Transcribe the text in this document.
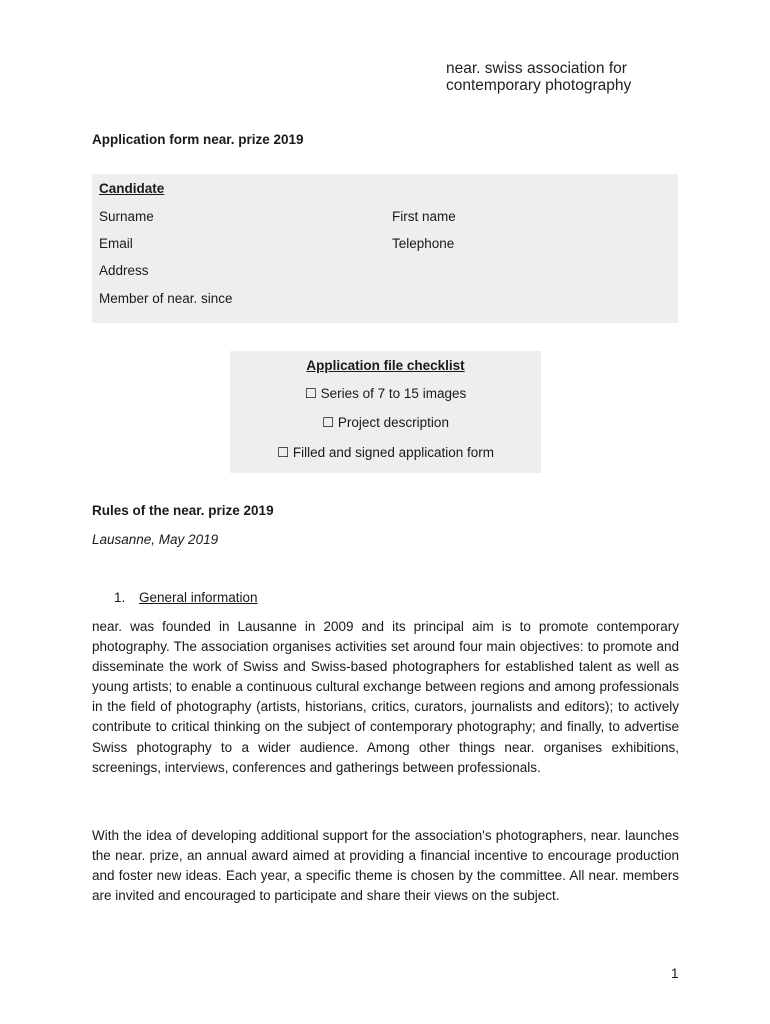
near. swiss association for
contemporary photography
Application form near. prize 2019
Candidate
Surname	First name
Email	Telephone
Address
Member of near. since
Application file checklist
☐ Series of 7 to 15 images
☐ Project description
☐ Filled and signed application form
Rules of the near. prize 2019
Lausanne, May 2019
1. General information

near. was founded in Lausanne in 2009 and its principal aim is to promote contemporary photography. The association organises activities set around four main objectives: to promote and disseminate the work of Swiss and Swiss-based photographers for established talent as well as young artists; to enable a continuous cultural exchange between regions and among professionals in the field of photography (artists, historians, critics, curators, journalists and editors); to actively contribute to critical thinking on the subject of contemporary photography; and finally, to advertise Swiss photography to a wider audience. Among other things near. organises exhibitions, screenings, interviews, conferences and gatherings between professionals.

With the idea of developing additional support for the association's photographers, near. launches the near. prize, an annual award aimed at providing a financial incentive to encourage production and foster new ideas. Each year, a specific theme is chosen by the committee. All near. members are invited and encouraged to participate and share their views on the subject.

1
